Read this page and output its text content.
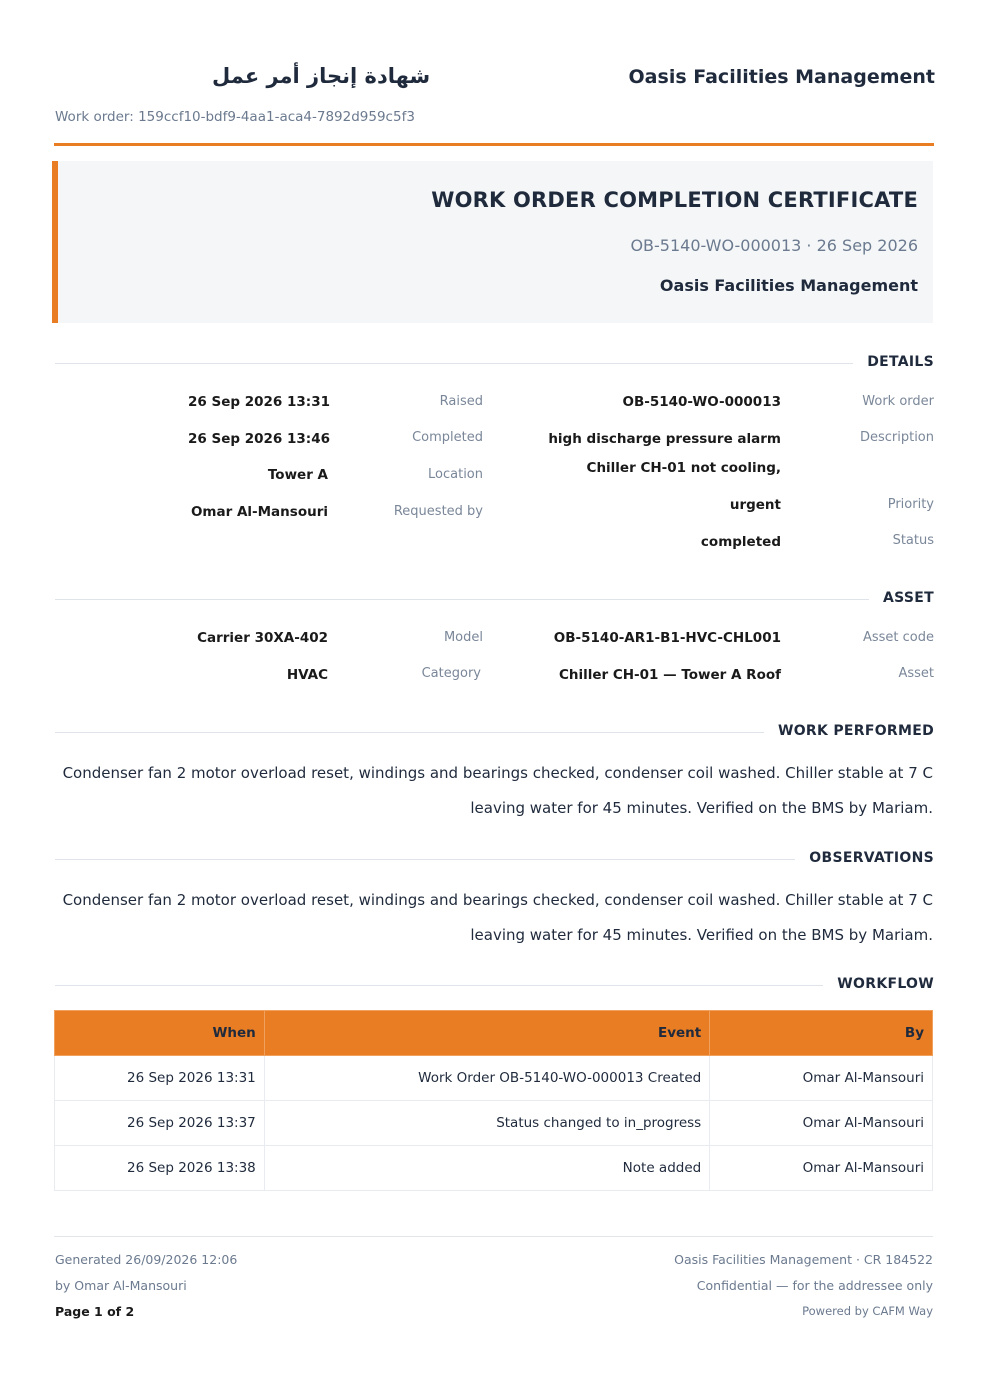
شهادة إنجاز أمر عمل	Oasis Facilities Management
Work order: 159ccf10-bdf9-4aa1-aca4-7892d959c5f3
WORK ORDER COMPLETION CERTIFICATE
OB-5140-WO-000013 · 26 Sep 2026
Oasis Facilities Management
DETAILS
26 Sep 2026 13:31	Raised
26 Sep 2026 13:46	Completed
Tower A	Location
Omar Al-Mansouri	Requested by
OB-5140-WO-000013	Work order
high discharge pressure alarm
Chiller CH-01 not cooling,
Description
urgent	Priority
completed	Status
ASSET
Carrier 30XA-402	Model
HVAC	Category
OB-5140-AR1-B1-HVC-CHL001	Asset code
Chiller CH-01 — Tower A Roof	Asset
WORK PERFORMED
Condenser fan 2 motor overload reset, windings and bearings checked, condenser coil washed. Chiller stable at 7 C leaving water for 45 minutes. Verified on the BMS by Mariam.
OBSERVATIONS
Condenser fan 2 motor overload reset, windings and bearings checked, condenser coil washed. Chiller stable at 7 C leaving water for 45 minutes. Verified on the BMS by Mariam.
WORKFLOW
When	Event	By
26 Sep 2026 13:31	Work Order OB-5140-WO-000013 Created	Omar Al-Mansouri
26 Sep 2026 13:37	Status changed to in_progress	Omar Al-Mansouri
26 Sep 2026 13:38	Note added	Omar Al-Mansouri
Generated 26/09/2026 12:06
by Omar Al-Mansouri
Page 1 of 2
Oasis Facilities Management · CR 184522
Confidential — for the addressee only
Powered by CAFM Way
